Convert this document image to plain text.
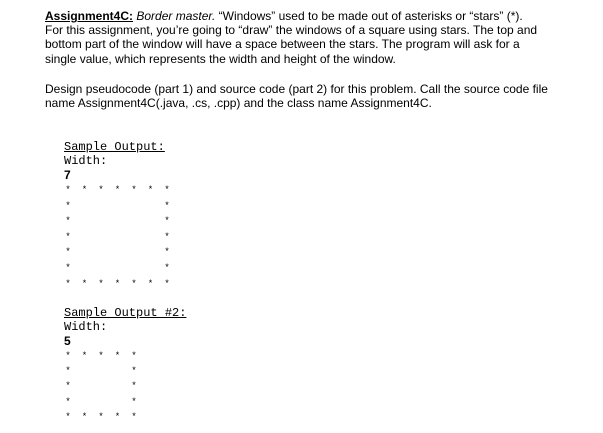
Assignment4C: Border master. “Windows” used to be made out of asterisks or “stars” (*).
For this assignment, you’re going to “draw” the windows of a square using stars. The top and
bottom part of the window will have a space between the stars. The program will ask for a
single value, which represents the width and height of the window.

Design pseudocode (part 1) and source code (part 2) for this problem. Call the source code file
name Assignment4C(.java, .cs, .cpp) and the class name Assignment4C.

Sample Output:
Width:
7
* * * * * * *
*	*
*	*
*	*
*	*
*	*
* * * * * * *
Sample Output #2:
Width:
5
* * * * *
*	*
*	*
*	*
* * * * *
